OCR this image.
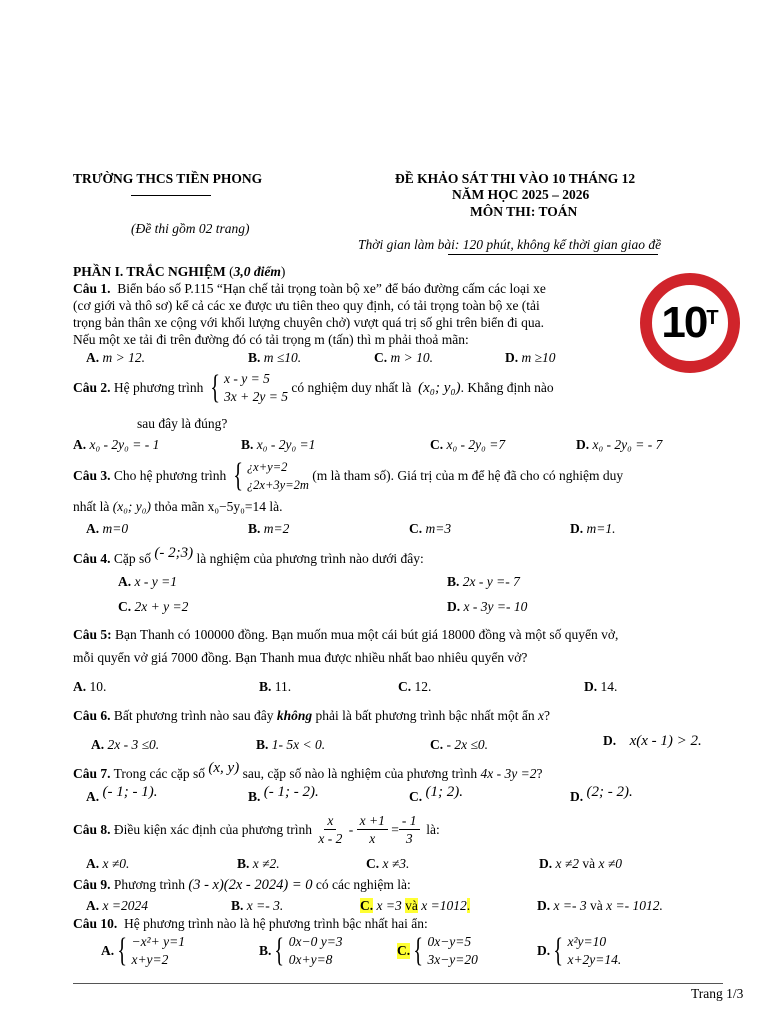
TRƯỜNG THCS TIỀN PHONG	ĐỀ KHẢO SÁT THI VÀO 10 THÁNG 12
NĂM HỌC 2025 – 2026
MÔN THI: TOÁN
(Đề thi gồm 02 trang)
Thời gian làm bài: 120 phút, không kể thời gian giao đề
10 T
PHẦN I. TRẮC NGHIỆM (3,0 điểm)
Câu 1. Biển báo số P.115 “Hạn chế tải trọng toàn bộ xe” để báo đường cấm các loại xe
(cơ giới và thô sơ) kể cả các xe được ưu tiên theo quy định, có tải trọng toàn bộ xe (tải
trọng bản thân xe cộng với khối lượng chuyên chở) vượt quá trị số ghi trên biển đi qua.
Nếu một xe tải đi trên đường đó có tải trọng m (tấn) thì m phải thoả mãn:
A. m > 12.	B. m ≤10.	C. m > 10.	D. m ≥10
Câu 2.
Hệ phương trình
{ x - y = 5
3x + 2y = 5

có nghiệm duy nhất là
(x₀; y₀) . Khẳng định nào
sau đây là đúng?
A. x₀ - 2y₀ = - 1	B. x₀ - 2y₀ =1	C. x₀ - 2y₀ =7	D. x₀ - 2y₀ = - 7
Câu 3.
Cho hệ phương trình
{ ¿x+y=2
¿2x+3y=2m

(m là tham số). Giá trị của m để hệ đã cho có nghiệm duy
nhất là (x₀; y₀) thỏa mãn x₀−5y₀=14 là.
A. m=0	B. m=2	C. m=3	D. m=1.
Câu 4. Cặp số (- 2;3) là nghiệm của phương trình nào dưới đây:
A. x - y =1	B. 2x - y =- 7
C. 2x + y =2	D. x - 3y =- 10
Câu 5: Bạn Thanh có 100000 đồng. Bạn muốn mua một cái bút giá 18000 đồng và một số quyển vở,
mỗi quyển vở giá 7000 đồng. Bạn Thanh mua được nhiều nhất bao nhiêu quyển vở?
A. 10.	B. 11.	C. 12.	D. 14.
Câu 6. Bất phương trình nào sau đây không phải là bất phương trình bậc nhất một ẩn x?
A. 2x - 3 ≤0.	B. 1- 5x < 0.	C. - 2x ≤0.	D. x(x - 1) > 2.
Câu 7. Trong các cặp số (x, y) sau, cặp số nào là nghiệm của phương trình 4x - 3y =2?
A. (- 1; - 1).	B. (- 1; - 2).	C. (1; 2).	D. (2; - 2).
Câu 8.
Điều kiện xác định của phương trình
$\frac{x}{x - 2}$
-
$\frac{x +1}{x}$
= $\frac{- 1}{3}$
là:
A. x ≠0.	B. x ≠2.	C. x ≠3.	D. x ≠2 và x ≠0
Câu 9. Phương trình (3 - x)(2x - 2024) = 0 có các nghiệm là:
A. x =2024	B. x =- 3.	C. x =3 và x =1012.	D. x =- 3 và x =- 1012.
Câu 10. Hệ phương trình nào là hệ phương trình bậc nhất hai ẩn:
A. { −x²+ y=1
x+y=2
B. { 0x−0 y=3
0x+y=8
C. { 0x−y=5
3x−y=20
D. { x²y=10
x+2y=14.
Trang 1/3
